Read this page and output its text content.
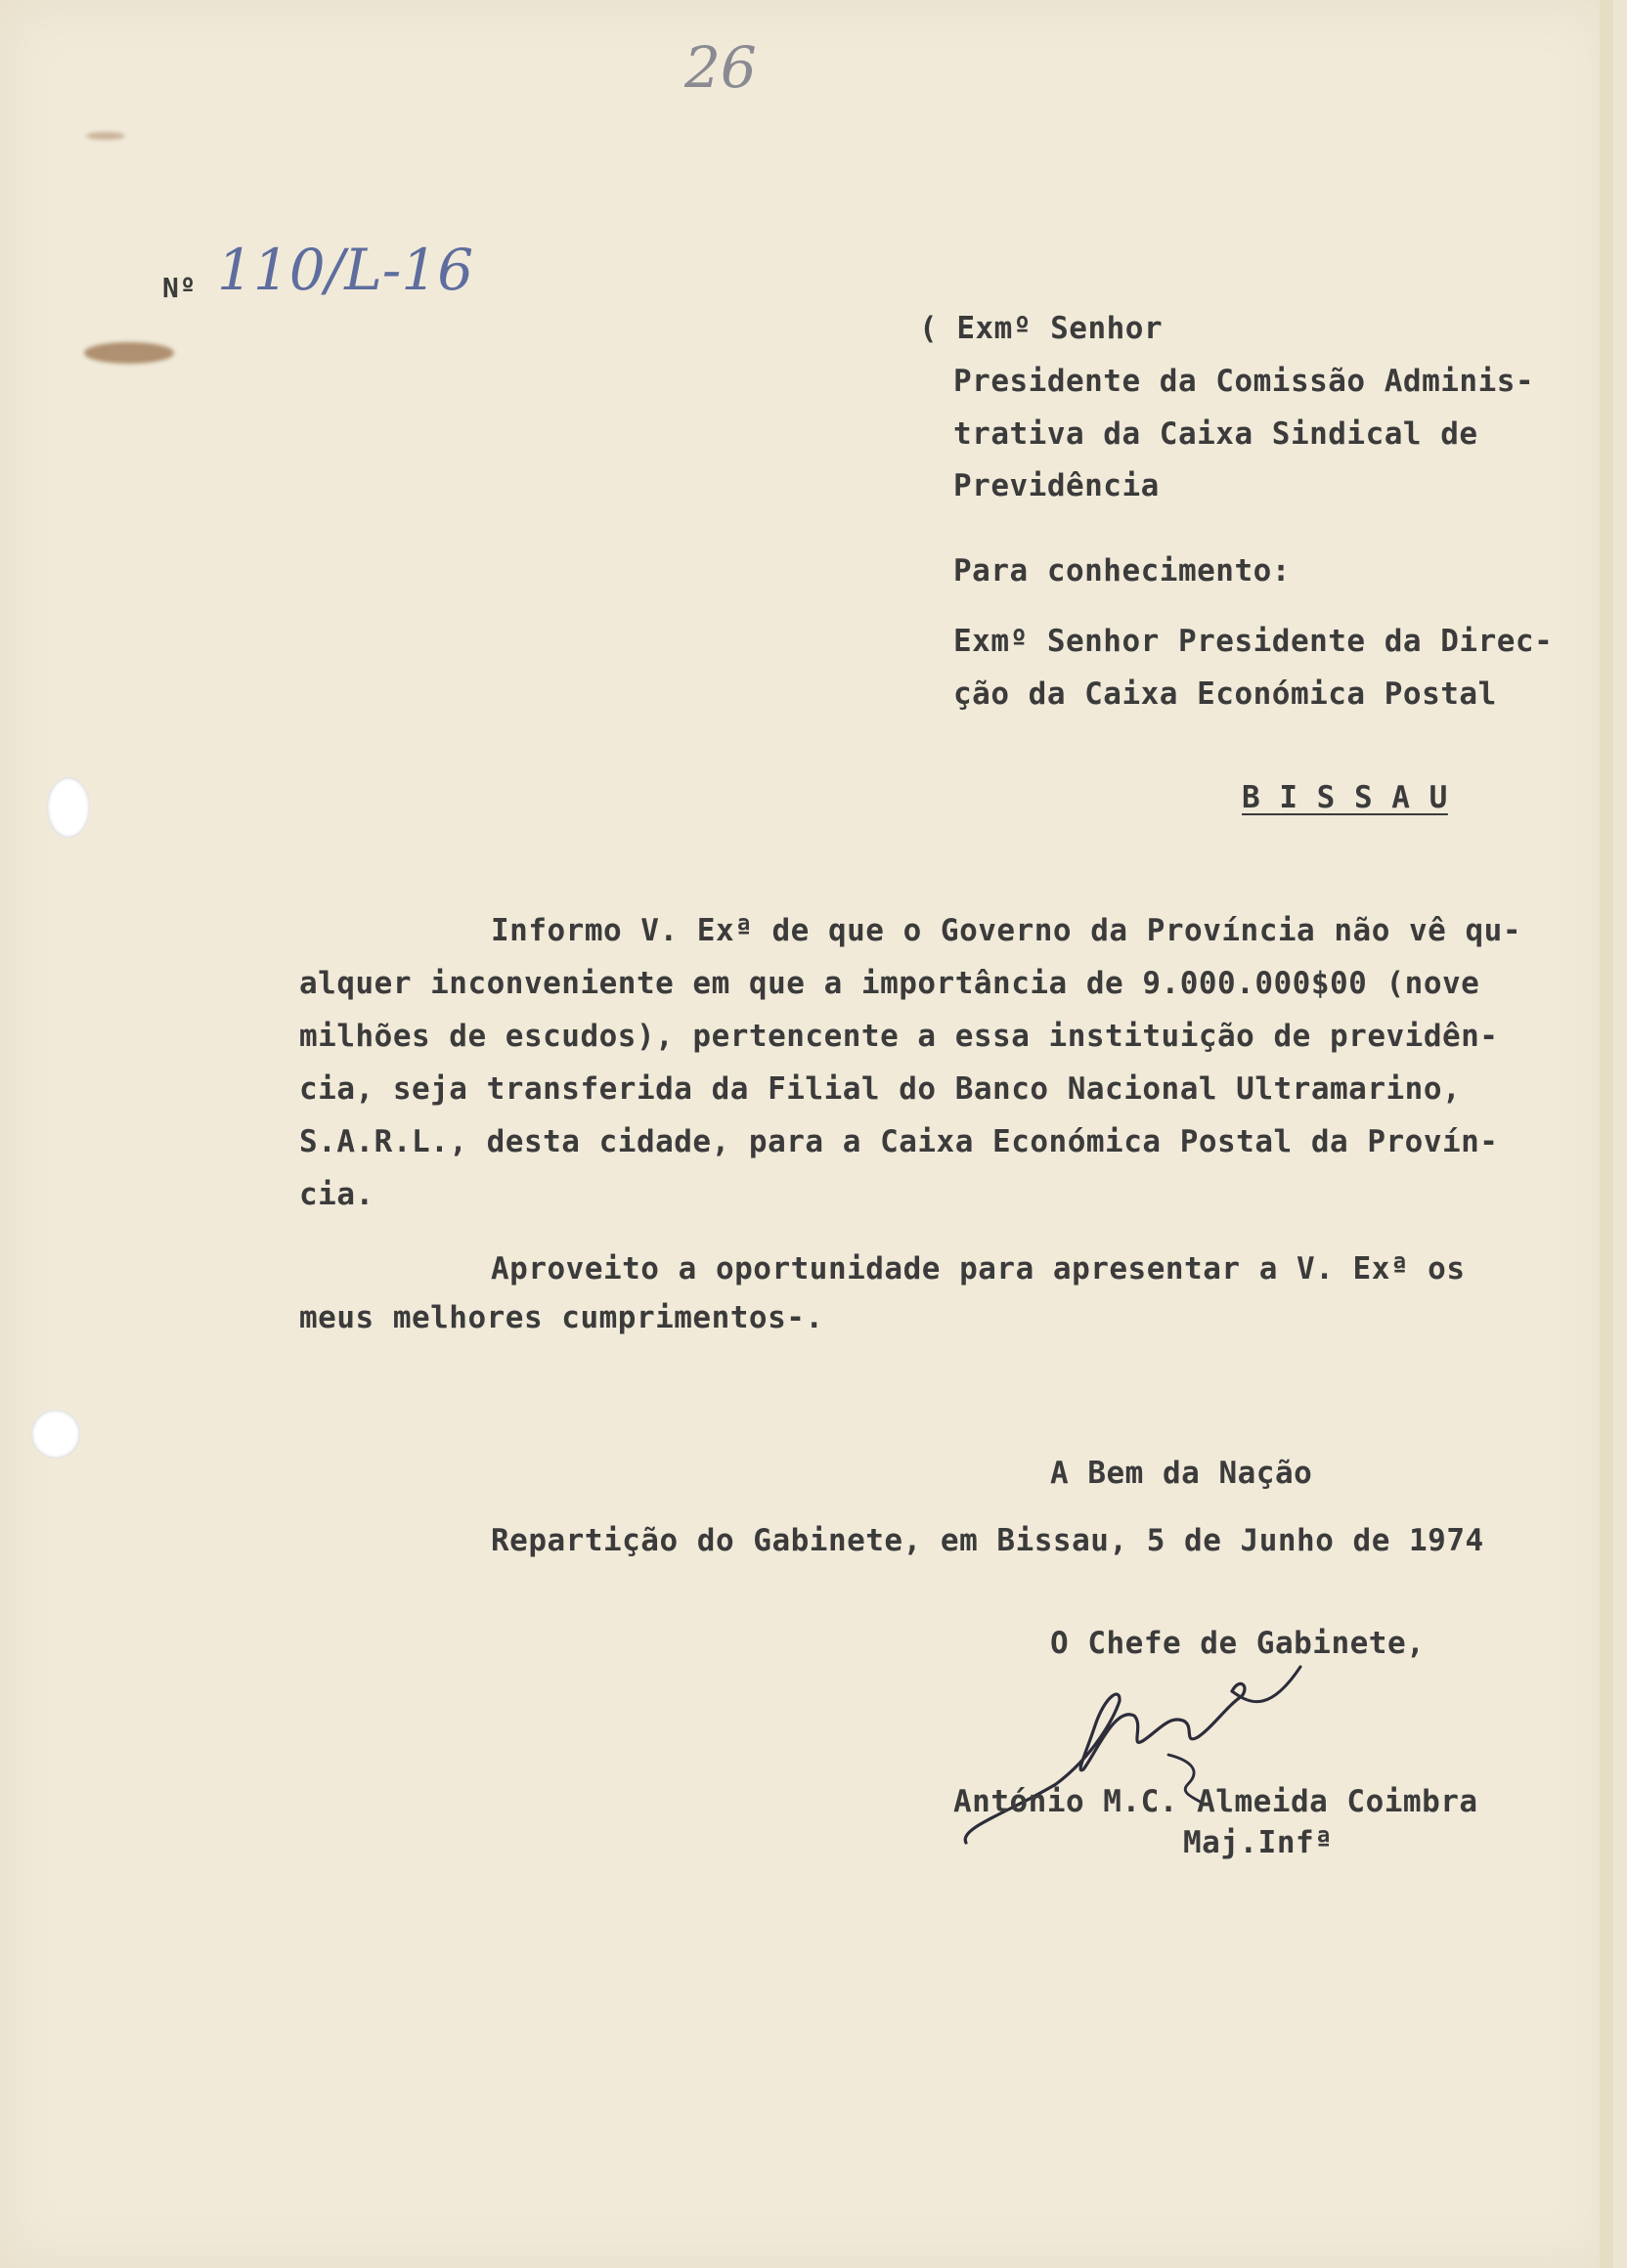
26
Nº 110/L-16
( Exmº Senhor
Presidente da Comissão Adminis-
trativa da Caixa Sindical de
Previdência
Para conhecimento:
Exmº Senhor Presidente da Direc-
ção da Caixa Económica Postal
B I S S A U
Informo V. Exª de que o Governo da Província não vê qu-
alquer inconveniente em que a importância de 9.000.000$00 (nove
milhões de escudos), pertencente a essa instituição de previdên-
cia, seja transferida da Filial do Banco Nacional Ultramarino,
S.A.R.L., desta cidade, para a Caixa Económica Postal da Provín-
cia.
Aproveito a oportunidade para apresentar a V. Exª os
meus melhores cumprimentos-.
A Bem da Nação
Repartição do Gabinete, em Bissau, 5 de Junho de 1974
O Chefe de Gabinete,
António M.C. Almeida Coimbra
Maj.Infª
